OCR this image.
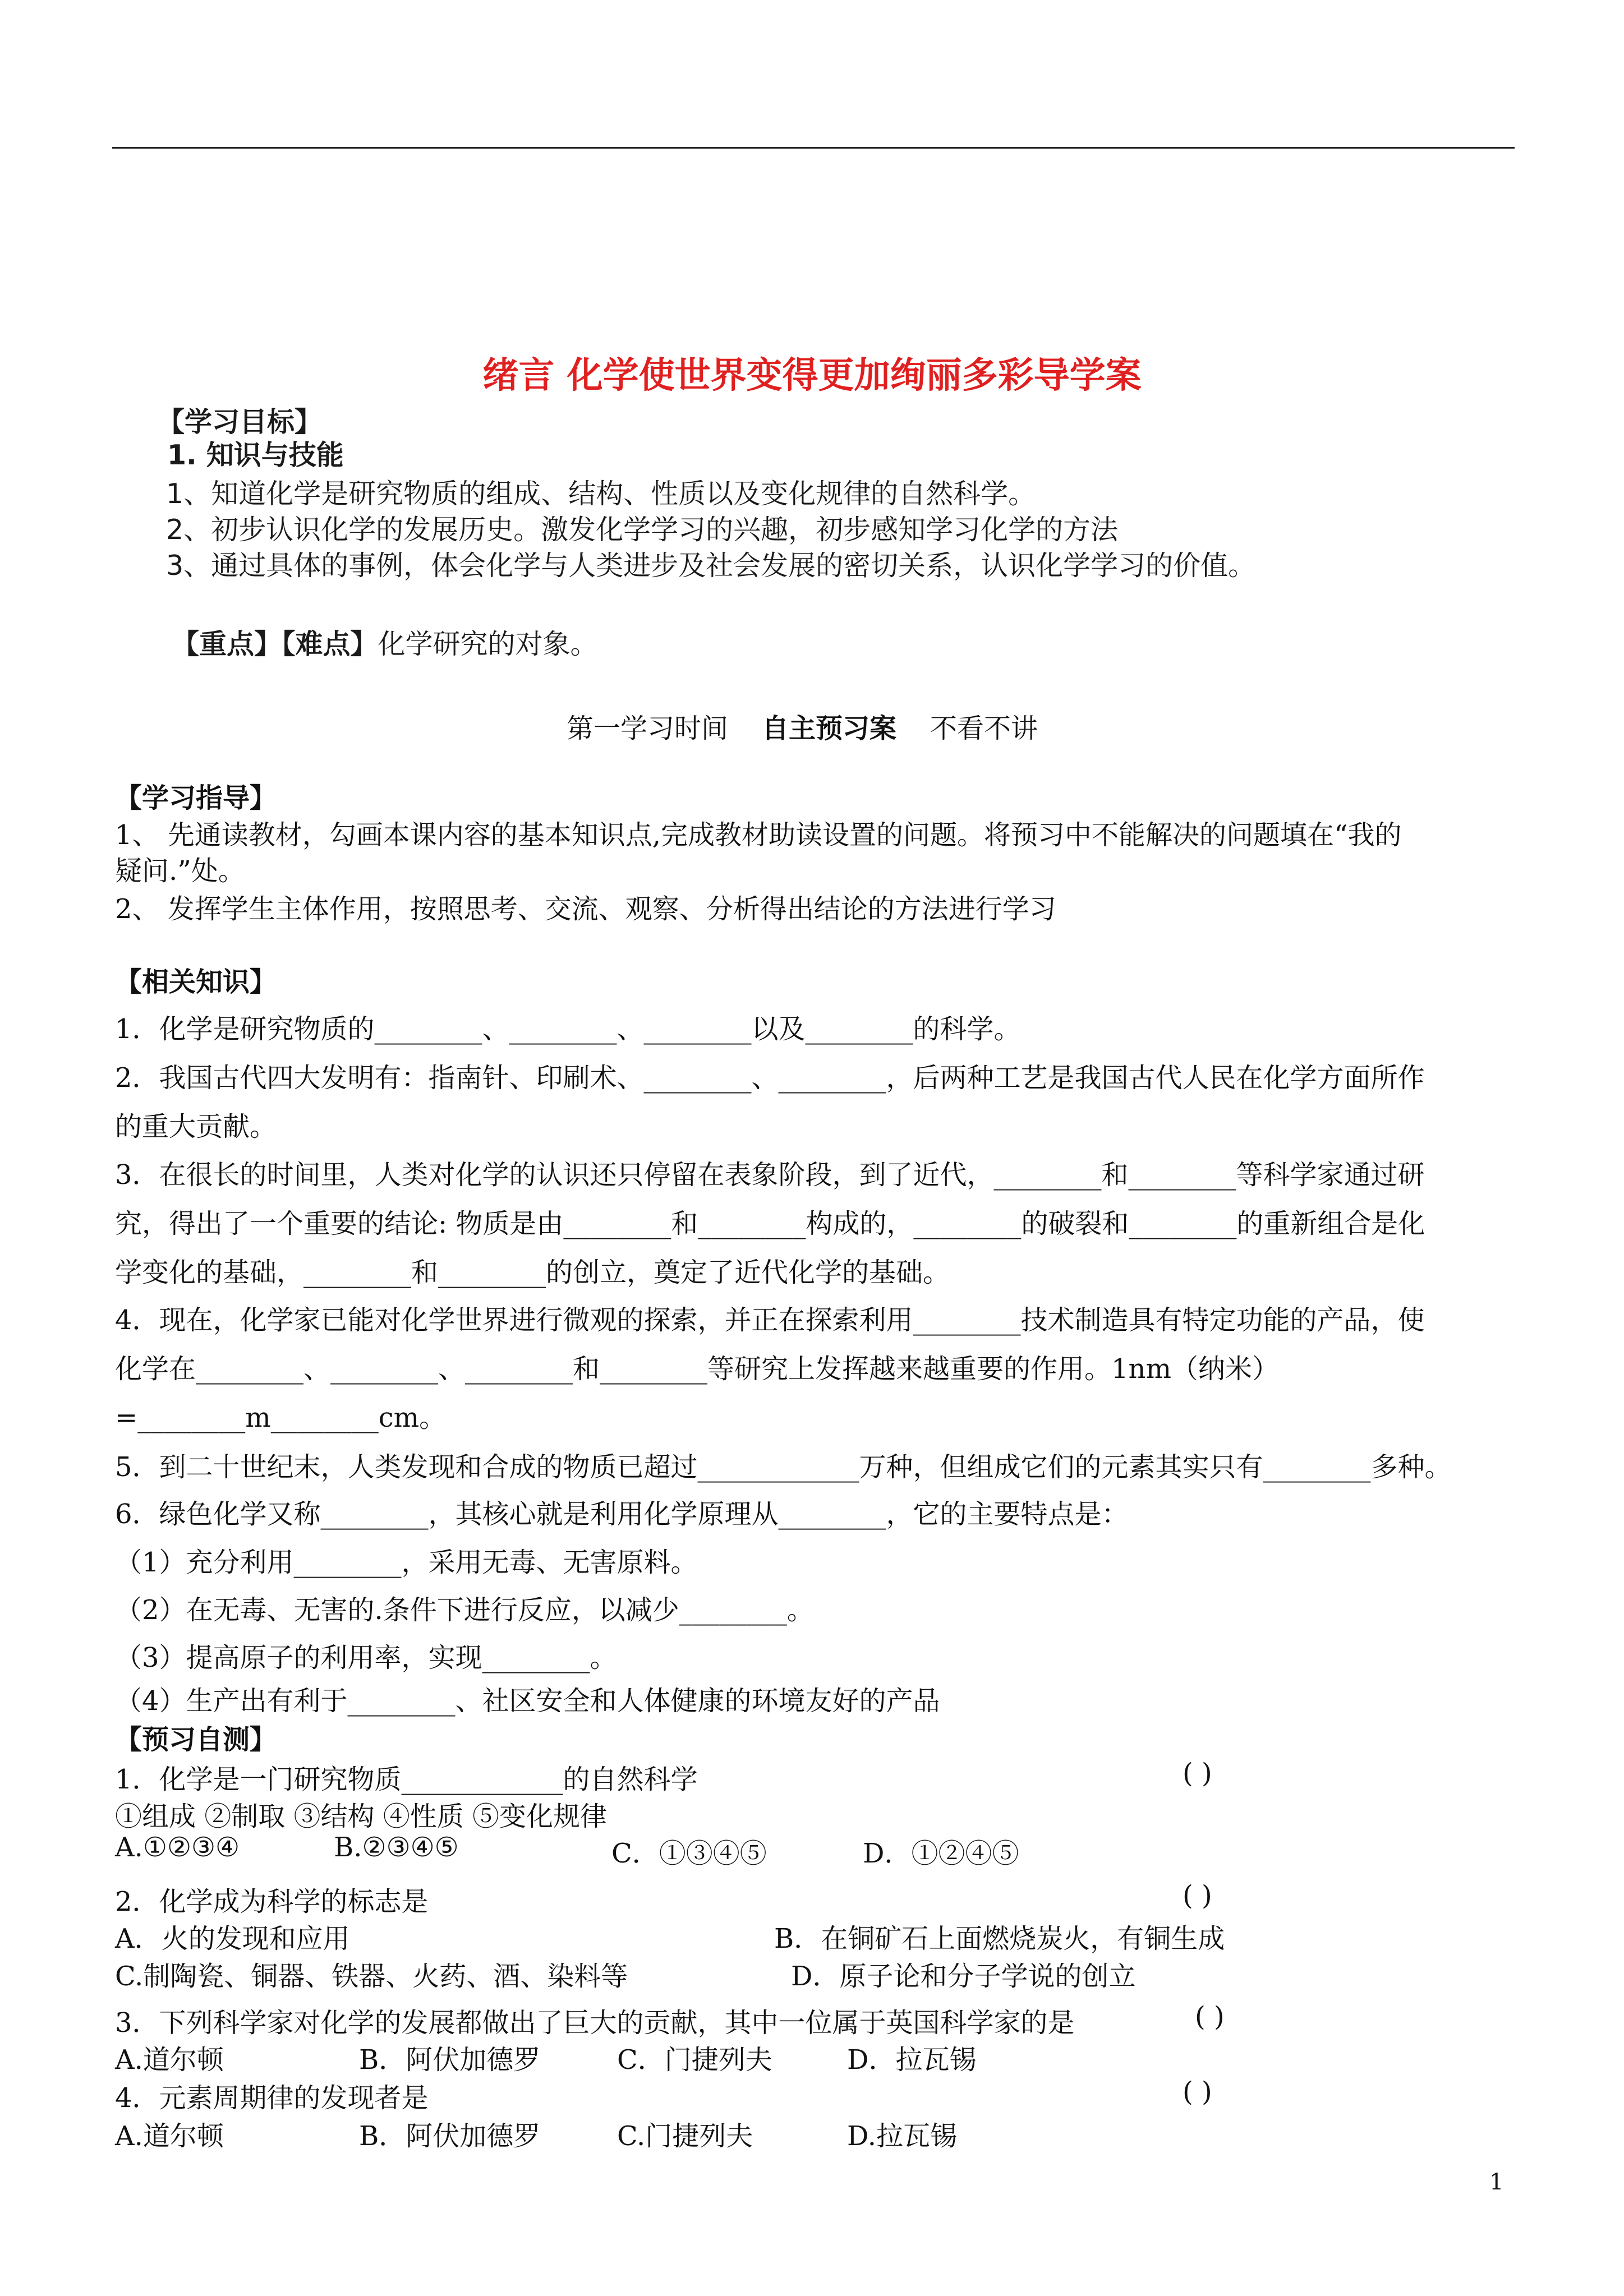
绪言 化学使世界变得更加绚丽多彩导学案
【学习目标】
1. 知识与技能
1、知道化学是研究物质的组成、结构、性质以及变化规律的自然科学。
2、初步认识化学的发展历史。激发化学学习的兴趣，初步感知学习化学的方法
3、通过具体的事例，体会化学与人类进步及社会发展的密切关系，认识化学学习的价值。
【重点】【难点】化学研究的对象。
第一学习时间 自主预习案 不看不讲
【学习指导】
1、 先通读教材，勾画本课内容的基本知识点,完成教材助读设置的问题。将预习中不能解决的问题填在“我的
疑问.”处。
2、 发挥学生主体作用，按照思考、交流、观察、分析得出结论的方法进行学习
【相关知识】
1．化学是研究物质的________、________、________以及________的科学。
2．我国古代四大发明有：指南针、印刷术、________、________，后两种工艺是我国古代人民在化学方面所作
的重大贡献。
3．在很长的时间里，人类对化学的认识还只停留在表象阶段，到了近代，________和________等科学家通过研
究，得出了一个重要的结论: 物质是由________和________构成的，________的破裂和________的重新组合是化
学变化的基础，________和________的创立，奠定了近代化学的基础。
4．现在，化学家已能对化学世界进行微观的探索，并正在探索利用________技术制造具有特定功能的产品，使
化学在________、________、________和________等研究上发挥越来越重要的作用。1nm（纳米）
=________m________cm。
5．到二十世纪末，人类发现和合成的物质已超过____________万种，但组成它们的元素其实只有________多种。
6．绿色化学又称________，其核心就是利用化学原理从________，它的主要特点是：
（1）充分利用________，采用无毒、无害原料。
（2）在无毒、无害的.条件下进行反应，以减少________。
（3）提高原子的利用率，实现________。
（4）生产出有利于________、社区安全和人体健康的环境友好的产品
【预习自测】
1．化学是一门研究物质____________的自然科学	( )
①组成 ②制取 ③结构 ④性质 ⑤变化规律
A.①②③④	B.②③④⑤	C．①③④⑤	D．①②④⑤
2．化学成为科学的标志是	( )
A．火的发现和应用	B．在铜矿石上面燃烧炭火，有铜生成
C.制陶瓷、铜器、铁器、火药、酒、染料等	D．原子论和分子学说的创立
3．下列科学家对化学的发展都做出了巨大的贡献，其中一位属于英国科学家的是	( )
A.道尔顿	B．阿伏加德罗	C．门捷列夫	D．拉瓦锡
4．元素周期律的发现者是	( )
A.道尔顿	B．阿伏加德罗	C.门捷列夫	D.拉瓦锡
1
